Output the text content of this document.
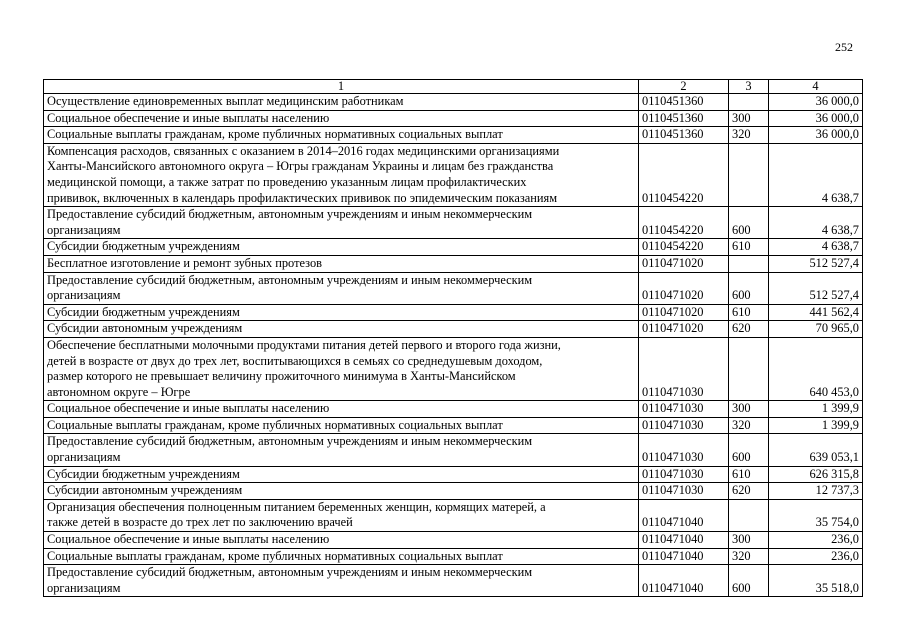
252
1	2	3	4

Осуществление единовременных выплат медицинским работникам	0110451360		36 000,0

Социальное обеспечение и иные выплаты населению	0110451360	300	36 000,0

Социальные выплаты гражданам, кроме публичных нормативных социальных выплат	0110451360	320	36 000,0

Компенсация расходов, связанных с оказанием в 2014–2016 годах медицинскими организациями
Ханты-Мансийского автономного округа – Югры гражданам Украины и лицам без гражданства
медицинской помощи, а также затрат по проведению указанным лицам профилактических
прививок, включенных в календарь профилактических прививок по эпидемическим показаниям	0110454220		4 638,7

Предоставление субсидий бюджетным, автономным учреждениям и иным некоммерческим
организациям	0110454220	600	4 638,7

Субсидии бюджетным учреждениям	0110454220	610	4 638,7

Бесплатное изготовление и ремонт зубных протезов	0110471020		512 527,4

Предоставление субсидий бюджетным, автономным учреждениям и иным некоммерческим
организациям	0110471020	600	512 527,4

Субсидии бюджетным учреждениям	0110471020	610	441 562,4

Субсидии автономным учреждениям	0110471020	620	70 965,0

Обеспечение бесплатными молочными продуктами питания детей первого и второго года жизни,
детей в возрасте от двух до трех лет, воспитывающихся в семьях со среднедушевым доходом,
размер которого не превышает величину прожиточного минимума в Ханты-Мансийском
автономном округе – Югре	0110471030		640 453,0

Социальное обеспечение и иные выплаты населению	0110471030	300	1 399,9

Социальные выплаты гражданам, кроме публичных нормативных социальных выплат	0110471030	320	1 399,9

Предоставление субсидий бюджетным, автономным учреждениям и иным некоммерческим
организациям	0110471030	600	639 053,1

Субсидии бюджетным учреждениям	0110471030	610	626 315,8

Субсидии автономным учреждениям	0110471030	620	12 737,3

Организация обеспечения полноценным питанием беременных женщин, кормящих матерей, а
также детей в возрасте до трех лет по заключению врачей	0110471040		35 754,0

Социальное обеспечение и иные выплаты населению	0110471040	300	236,0

Социальные выплаты гражданам, кроме публичных нормативных социальных выплат	0110471040	320	236,0

Предоставление субсидий бюджетным, автономным учреждениям и иным некоммерческим
организациям	0110471040	600	35 518,0
